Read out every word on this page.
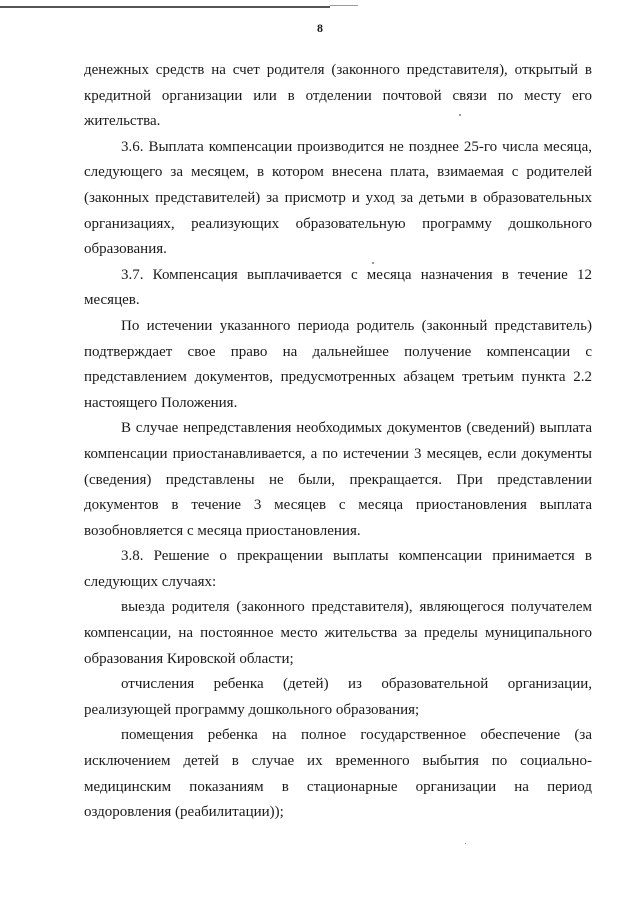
8

денежных средств на счет родителя (законного представителя), открытый в кредитной организации или в отделении почтовой связи по месту его жительства.

3.6. Выплата компенсации производится не позднее 25-го числа месяца, следующего за месяцем, в котором внесена плата, взимаемая с родителей (законных представителей) за присмотр и уход за детьми в образовательных организациях, реализующих образовательную программу дошкольного образования.

3.7. Компенсация выплачивается с месяца назначения в течение 12 месяцев.

По истечении указанного периода родитель (законный представитель) подтверждает свое право на дальнейшее получение компенсации с представлением документов, предусмотренных абзацем третьим пункта 2.2 настоящего Положения.

В случае непредставления необходимых документов (сведений) выплата компенсации приостанавливается, а по истечении 3 месяцев, если документы (сведения) представлены не были, прекращается. При представлении документов в течение 3 месяцев с месяца приостановления выплата возобновляется с месяца приостановления.

3.8. Решение о прекращении выплаты компенсации принимается в следующих случаях:

выезда родителя (законного представителя), являющегося получателем компенсации, на постоянное место жительства за пределы муниципального образования Кировской области;

отчисления ребенка (детей) из образовательной организации, реализующей программу дошкольного образования;

помещения ребенка на полное государственное обеспечение (за исключением детей в случае их временного выбытия по социально-медицинским показаниям в стационарные организации на период оздоровления (реабилитации));
